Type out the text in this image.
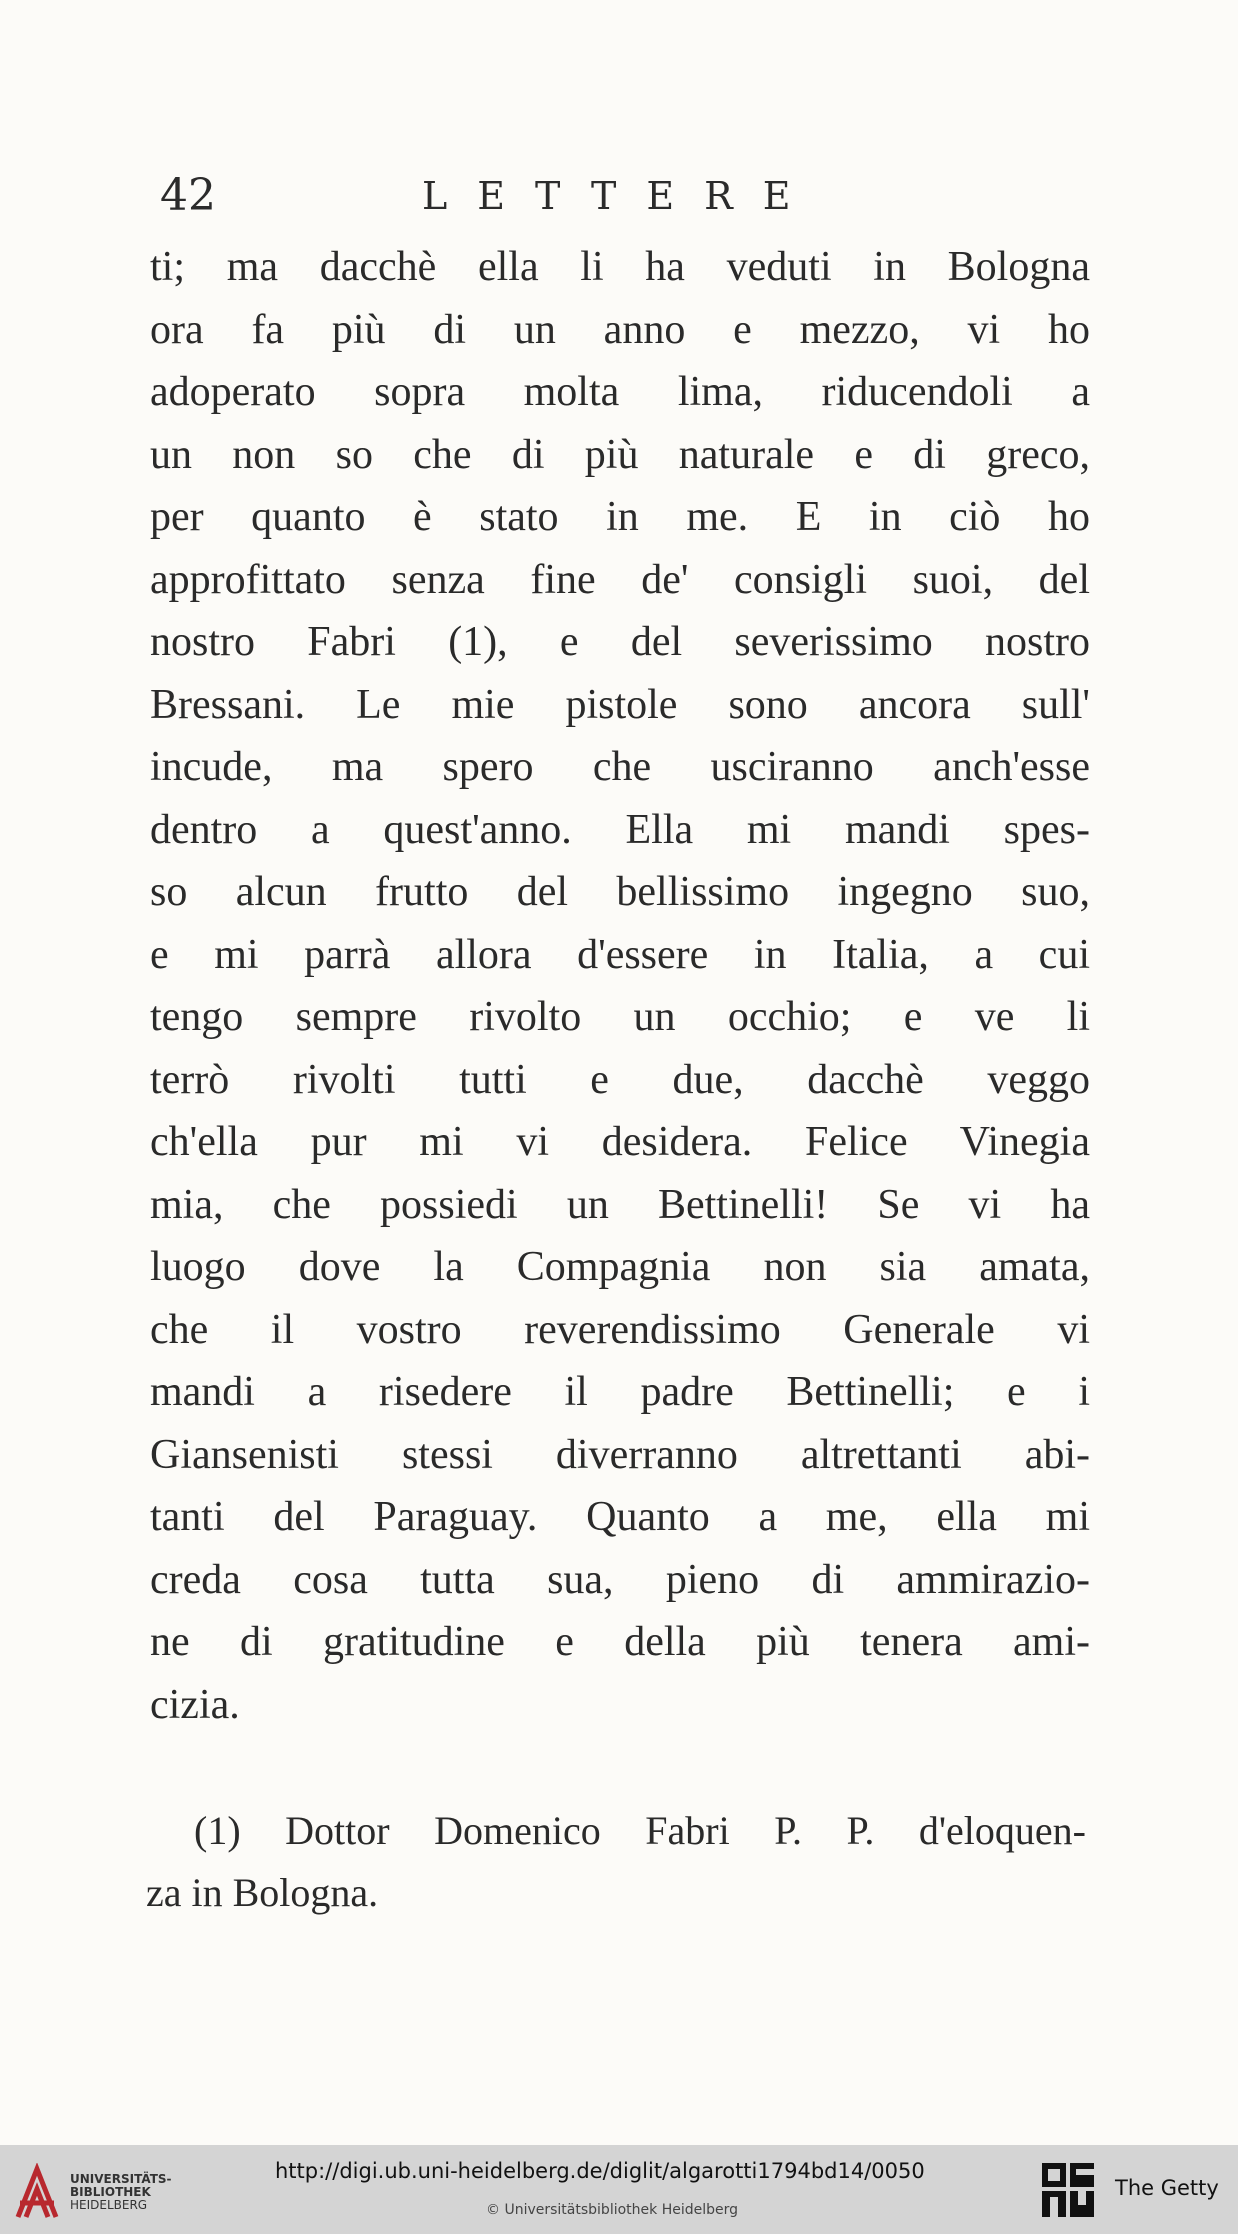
42	LETTERE
ti; ma dacchè ella li ha veduti in Bologna
ora fa più di un anno e mezzo, vi ho
adoperato sopra molta lima, riducendoli a
un non so che di più naturale e di greco,
per quanto è stato in me. E in ciò ho
approfittato senza fine de' consigli suoi, del
nostro Fabri (1), e del severissimo nostro
Bressani. Le mie pistole sono ancora sull'
incude, ma spero che usciranno anch'esse
dentro a quest'anno. Ella mi mandi spes-
so alcun frutto del bellissimo ingegno suo,
e mi parrà allora d'essere in Italia, a cui
tengo sempre rivolto un occhio; e ve li
terrò rivolti tutti e due, dacchè veggo
ch'ella pur mi vi desidera. Felice Vinegia
mia, che possiedi un Bettinelli! Se vi ha
luogo dove la Compagnia non sia amata,
che il vostro reverendissimo Generale vi
mandi a risedere il padre Bettinelli; e i
Giansenisti stessi diverranno altrettanti abi-
tanti del Paraguay. Quanto a me, ella mi
creda cosa tutta sua, pieno di ammirazio-
ne di gratitudine e della più tenera ami-
cizia.
(1) Dottor Domenico Fabri P. P. d'eloquen-
za in Bologna.
UNIVERSITÄTS-
BIBLIOTHEK
HEIDELBERG
http://digi.ub.uni-heidelberg.de/diglit/algarotti1794bd14/0050
© Universitätsbibliothek Heidelberg
The Getty
